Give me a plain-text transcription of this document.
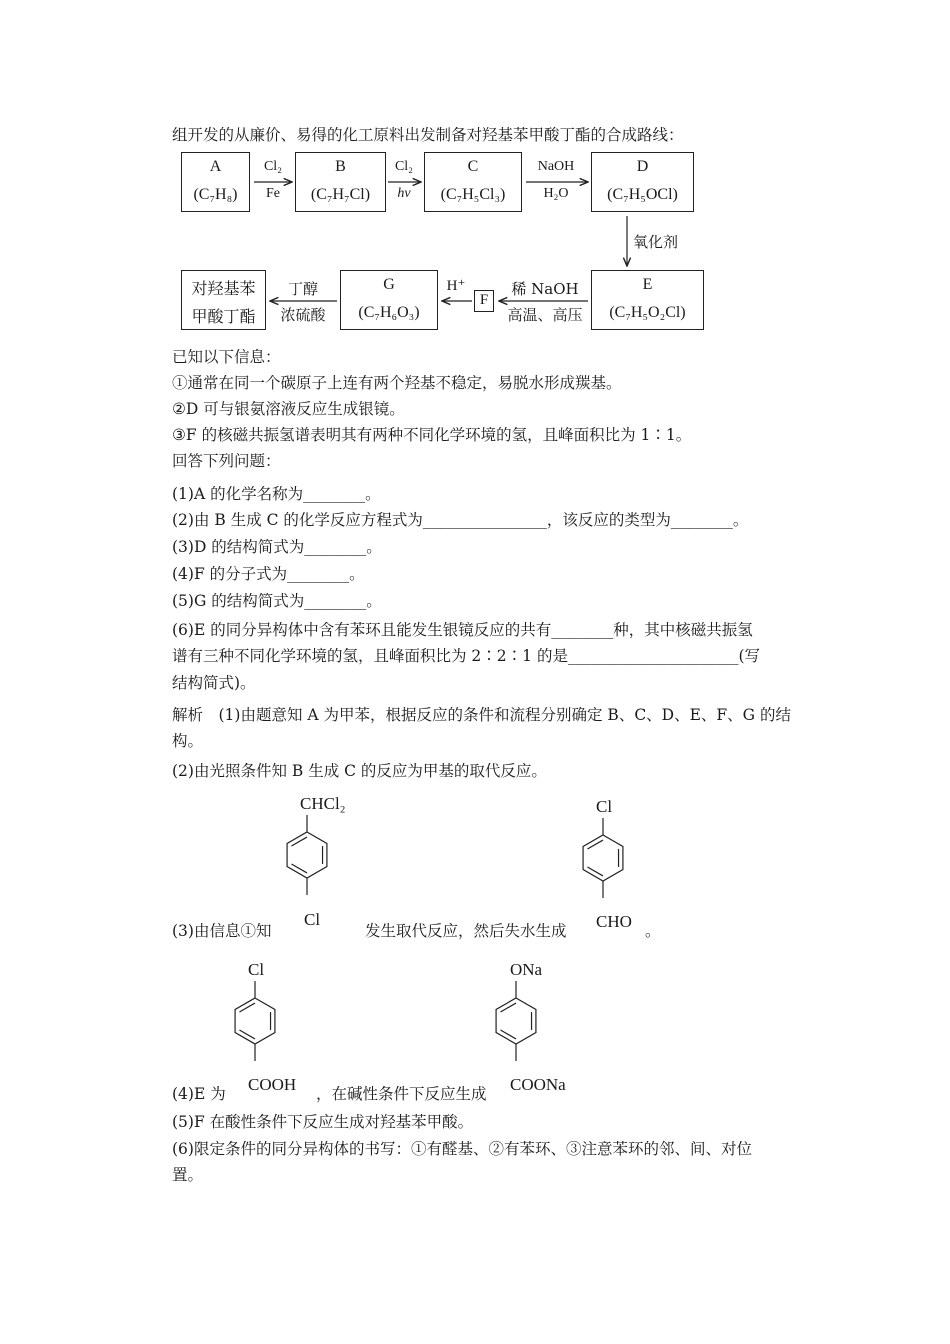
组开发的从廉价、易得的化工原料出发制备对羟基苯甲酸丁酯的合成路线：
A
(C₇H₈)
B
(C₇H₇Cl)
C
(C₇H₅Cl₃)
D
(C₇H₅OCl)
对羟基苯
甲酸丁酯
G
(C₇H₆O₃)
F
E
(C₇H₅O₂Cl)
Cl₂
Fe
Cl₂
hν
NaOH
H₂O
氧化剂
稀 NaOH
高温、高压
H⁺
丁醇
浓硫酸
已知以下信息：
①通常在同一个碳原子上连有两个羟基不稳定，易脱水形成羰基。
②D 可与银氨溶液反应生成银镜。
③F 的核磁共振氢谱表明其有两种不同化学环境的氢，且峰面积比为 1∶1。
回答下列问题：
(1)A 的化学名称为________。
(2)由 B 生成 C 的化学反应方程式为________________，该反应的类型为________。
(3)D 的结构简式为________。
(4)F 的分子式为________。
(5)G 的结构简式为________。
(6)E 的同分异构体中含有苯环且能发生银镜反应的共有________种，其中核磁共振氢
谱有三种不同化学环境的氢，且峰面积比为 2∶2∶1 的是______________________(写
结构简式)。
解析　(1)由题意知 A 为甲苯，根据反应的条件和流程分别确定 B、C、D、E、F、G 的结
构。
(2)由光照条件知 B 生成 C 的反应为甲基的取代反应。
(3)由信息①知	发生取代反应，然后失水生成	。
(4)E 为	，在碱性条件下反应生成
(5)F 在酸性条件下反应生成对羟基苯甲酸。
(6)限定条件的同分异构体的书写：①有醛基、②有苯环、③注意苯环的邻、间、对位
置。
CHCl₂
Cl
Cl
CHO
Cl
COOH
ONa
COONa
